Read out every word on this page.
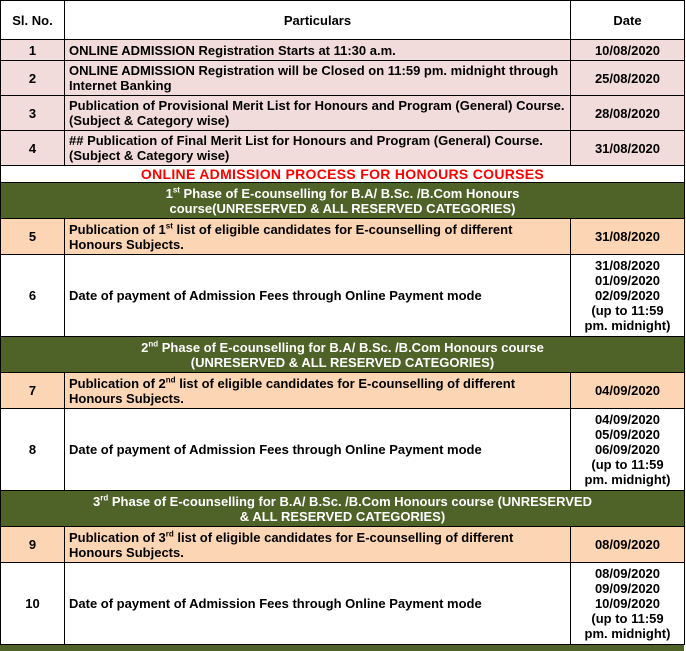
Sl. No.	Particulars	Date
1	ONLINE ADMISSION Registration Starts at 11:30 a.m.	10/08/2020
2	ONLINE ADMISSION Registration will be Closed on 11:59 pm. midnight through Internet Banking	25/08/2020
3	Publication of Provisional Merit List for Honours and Program (General) Course. (Subject & Category wise)	28/08/2020
4	## Publication of Final Merit List for Honours and Program (General) Course.(Subject & Category wise)	31/08/2020
ONLINE ADMISSION PROCESS FOR HONOURS COURSES		
1st Phase of E-counselling for B.A/ B.Sc. /B.Com Honours
course(UNRESERVED & ALL RESERVED CATEGORIES)		
5	Publication of 1st list of eligible candidates for E-counselling of different Honours Subjects.	31/08/2020
6	Date of payment of Admission Fees through Online Payment mode	31/08/2020
01/09/2020
02/09/2020
(up to 11:59
pm. midnight)

2nd Phase of E-counselling for B.A/ B.Sc. /B.Com Honours course
(UNRESERVED & ALL RESERVED CATEGORIES)		
7	Publication of 2nd list of eligible candidates for E-counselling of different Honours Subjects.	04/09/2020
8	Date of payment of Admission Fees through Online Payment mode	04/09/2020
05/09/2020
06/09/2020
(up to 11:59
pm. midnight)

3rd Phase of E-counselling for B.A/ B.Sc. /B.Com Honours course (UNRESERVED
& ALL RESERVED CATEGORIES)		
9	Publication of 3rd list of eligible candidates for E-counselling of different Honours Subjects.	08/09/2020
10	Date of payment of Admission Fees through Online Payment mode	08/09/2020
09/09/2020
10/09/2020
(up to 11:59
pm. midnight)
